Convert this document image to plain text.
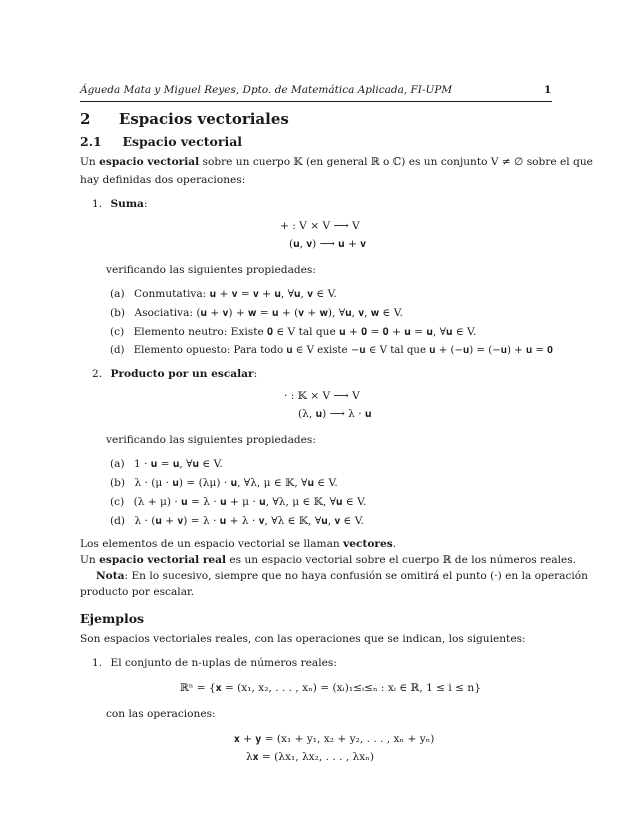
Águeda Mata y Miguel Reyes, Dpto. de Matemática Aplicada, FI-UPM	1
2 Espacios vectoriales
2.1 Espacio vectorial
Un espacio vectorial sobre un cuerpo 𝕂 (en general ℝ o ℂ) es un conjunto V ≠ ∅ sobre el que
hay definidas dos operaciones:
1. Suma:
+ : V × V ⟶ V
(𝐮, 𝐯) ⟶ 𝐮 + 𝐯
verificando las siguientes propiedades:
(a) Conmutativa: 𝐮 + 𝐯 = 𝐯 + 𝐮, ∀𝐮, 𝐯 ∈ V.
(b) Asociativa: (𝐮 + 𝐯) + 𝐰 = 𝐮 + (𝐯 + 𝐰), ∀𝐮, 𝐯, 𝐰 ∈ V.
(c) Elemento neutro: Existe 𝟎 ∈ V tal que 𝐮 + 𝟎 = 𝟎 + 𝐮 = 𝐮, ∀𝐮 ∈ V.
(d) Elemento opuesto: Para todo 𝐮 ∈ V existe −𝐮 ∈ V tal que 𝐮 + (−𝐮) = (−𝐮) + 𝐮 = 𝟎
2. Producto por un escalar:
· : 𝕂 × V ⟶ V
(λ, 𝐮) ⟶ λ · 𝐮
verificando las siguientes propiedades:
(a) 1 · 𝐮 = 𝐮, ∀𝐮 ∈ V.
(b) λ · (μ · 𝐮) = (λμ) · 𝐮, ∀λ, μ ∈ 𝕂, ∀𝐮 ∈ V.
(c) (λ + μ) · 𝐮 = λ · 𝐮 + μ · 𝐮, ∀λ, μ ∈ 𝕂, ∀𝐮 ∈ V.
(d) λ · (𝐮 + 𝐯) = λ · 𝐮 + λ · 𝐯, ∀λ ∈ 𝕂, ∀𝐮, 𝐯 ∈ V.
Los elementos de un espacio vectorial se llaman vectores.
Un espacio vectorial real es un espacio vectorial sobre el cuerpo ℝ de los números reales.
Nota: En lo sucesivo, siempre que no haya confusión se omitirá el punto (·) en la operación
producto por escalar.
Ejemplos
Son espacios vectoriales reales, con las operaciones que se indican, los siguientes:
1. El conjunto de n-uplas de números reales:
ℝⁿ = {𝐱 = (x₁, x₂, . . . , xₙ) = (xᵢ)₁≤ᵢ≤ₙ : xᵢ ∈ ℝ, 1 ≤ i ≤ n}
con las operaciones:
𝐱 + 𝐲 = (x₁ + y₁, x₂ + y₂, . . . , xₙ + yₙ)
λ𝐱 = (λx₁, λx₂, . . . , λxₙ)
